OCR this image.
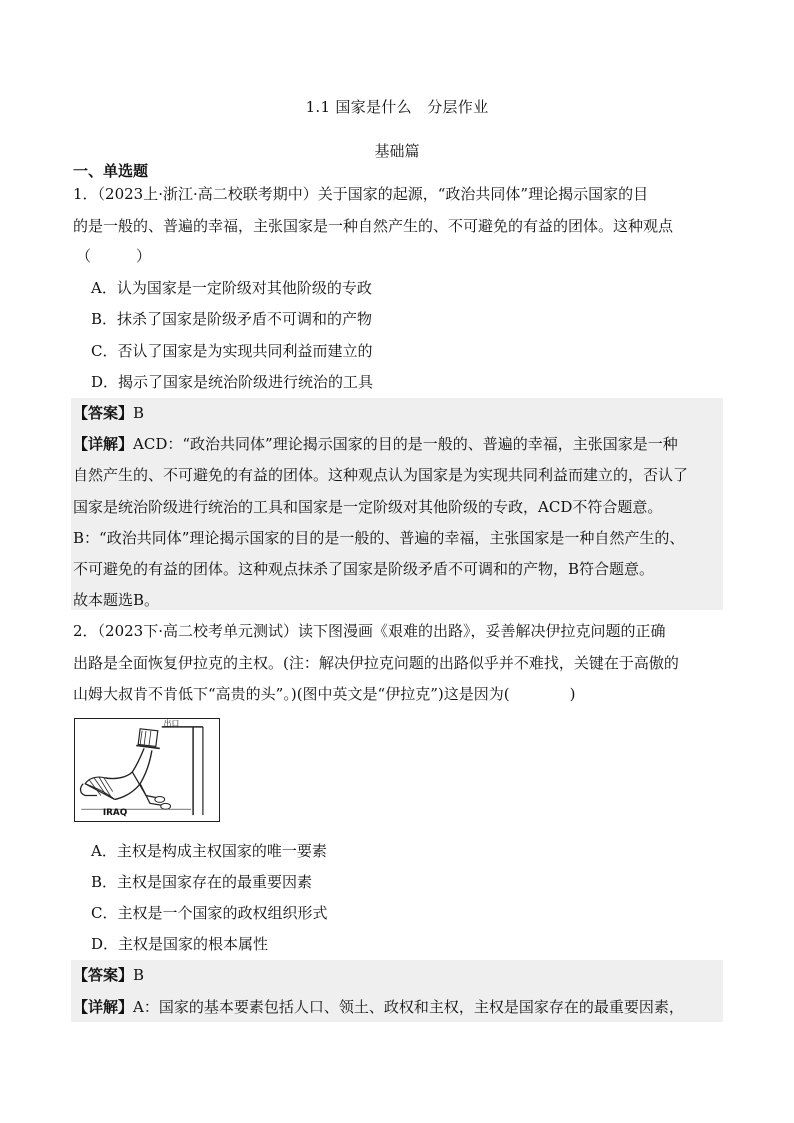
1.1 国家是什么　分层作业
基础篇
一、单选题
1．（2023上·浙江·高二校联考期中）关于国家的起源，“政治共同体”理论揭示国家的目
的是一般的、普遍的幸福，主张国家是一种自然产生的、不可避免的有益的团体。这种观点
（　　　）
A．认为国家是一定阶级对其他阶级的专政
B．抹杀了国家是阶级矛盾不可调和的产物
C．否认了国家是为实现共同利益而建立的
D．揭示了国家是统治阶级进行统治的工具
【答案】B
【详解】ACD：“政治共同体”理论揭示国家的目的是一般的、普遍的幸福，主张国家是一种
自然产生的、不可避免的有益的团体。这种观点认为国家是为实现共同利益而建立的，否认了
国家是统治阶级进行统治的工具和国家是一定阶级对其他阶级的专政，ACD不符合题意。
B：“政治共同体”理论揭示国家的目的是一般的、普遍的幸福，主张国家是一种自然产生的、
不可避免的有益的团体。这种观点抹杀了国家是阶级矛盾不可调和的产物，B符合题意。
故本题选B。
2．（2023下·高二校考单元测试）读下图漫画《艰难的出路》，妥善解决伊拉克问题的正确
出路是全面恢复伊拉克的主权。(注：解决伊拉克问题的出路似乎并不难找，关键在于高傲的
山姆大叔肯不肯低下“高贵的头”。)(图中英文是“伊拉克”)这是因为(　　　　)
出口
IRAQ
A．主权是构成主权国家的唯一要素
B．主权是国家存在的最重要因素
C．主权是一个国家的政权组织形式
D．主权是国家的根本属性
【答案】B
【详解】A：国家的基本要素包括人口、领土、政权和主权，主权是国家存在的最重要因素，
